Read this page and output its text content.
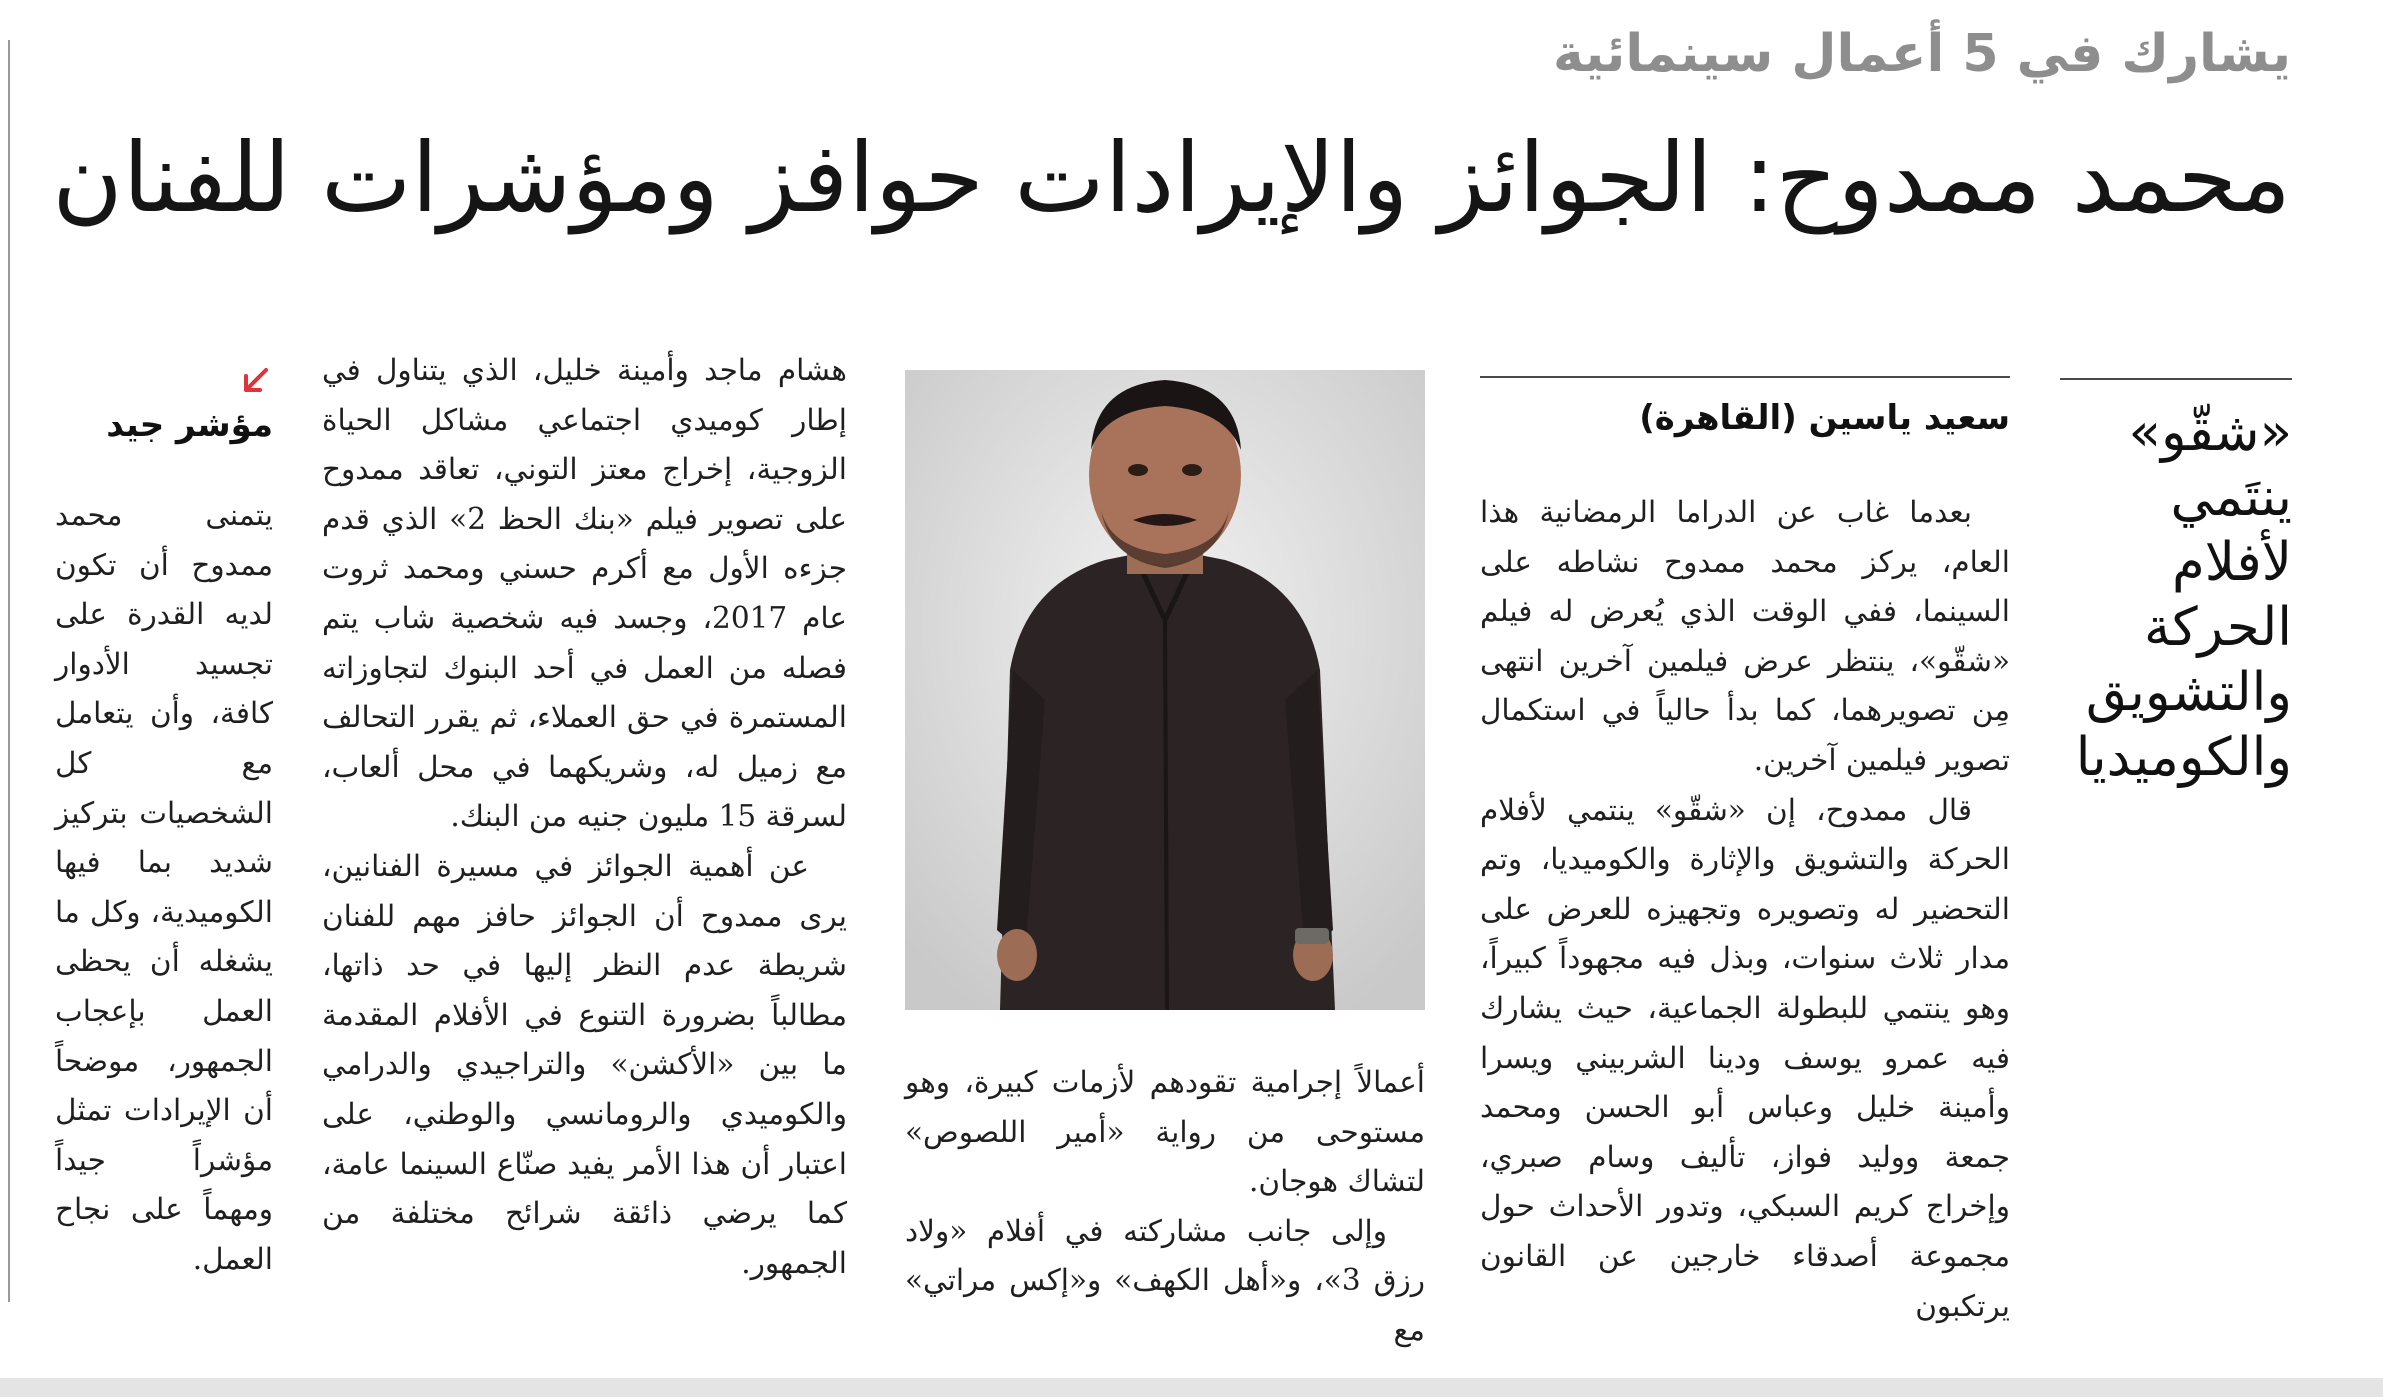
يشارك في 5 أعمال سينمائية
محمد ممدوح: الجوائز والإيرادات حوافز ومؤشرات للفنان
«شقّو» ينتَمي لأفلام الحركة والتشويق والكوميديا
سعيد ياسين (القاهرة)

بعدما غاب عن الدراما الرمضانية هذا العام، يركز محمد ممدوح نشاطه على السينما، ففي الوقت الذي يُعرض له فيلم «شقّو»، ينتظر عرض فيلمين آخرين انتهى مِن تصويرهما، كما بدأ حالياً في استكمال تصوير فيلمين آخرين.

قال ممدوح، إن «شقّو» ينتمي لأفلام الحركة والتشويق والإثارة والكوميديا، وتم التحضير له وتصويره وتجهيزه للعرض على مدار ثلاث سنوات، وبذل فيه مجهوداً كبيراً، وهو ينتمي للبطولة الجماعية، حيث يشارك فيه عمرو يوسف ودينا الشربيني ويسرا وأمينة خليل وعباس أبو الحسن ومحمد جمعة ووليد فواز، تأليف وسام صبري، وإخراج كريم السبكي، وتدور الأحداث حول مجموعة أصدقاء خارجين عن القانون يرتكبون

أعمالاً إجرامية تقودهم لأزمات كبيرة، وهو مستوحى من رواية «أمير اللصوص» لتشاك هوجان.

وإلى جانب مشاركته في أفلام «ولاد رزق 3»، و«أهل الكهف» و«إكس مراتي» مع

هشام ماجد وأمينة خليل، الذي يتناول في إطار كوميدي اجتماعي مشاكل الحياة الزوجية، إخراج معتز التوني، تعاقد ممدوح على تصوير فيلم «بنك الحظ 2» الذي قدم جزءه الأول مع أكرم حسني ومحمد ثروت عام 2017، وجسد فيه شخصية شاب يتم فصله من العمل في أحد البنوك لتجاوزاته المستمرة في حق العملاء، ثم يقرر التحالف مع زميل له، وشريكهما في محل ألعاب، لسرقة 15 مليون جنيه من البنك.

عن أهمية الجوائز في مسيرة الفنانين، يرى ممدوح أن الجوائز حافز مهم للفنان شريطة عدم النظر إليها في حد ذاتها، مطالباً بضرورة التنوع في الأفلام المقدمة ما بين «الأكشن» والتراجيدي والدرامي والكوميدي والرومانسي والوطني، على اعتبار أن هذا الأمر يفيد صنّاع السينما عامة، كما يرضي ذائقة شرائح مختلفة من الجمهور.

مؤشر جيد

يتمنى محمد ممدوح أن تكون لديه القدرة على تجسيد الأدوار كافة، وأن يتعامل مع كل الشخصيات بتركيز شديد بما فيها الكوميدية، وكل ما يشغله أن يحظى العمل بإعجاب الجمهور، موضحاً أن الإيرادات تمثل مؤشراً جيداً ومهماً على نجاح العمل.
